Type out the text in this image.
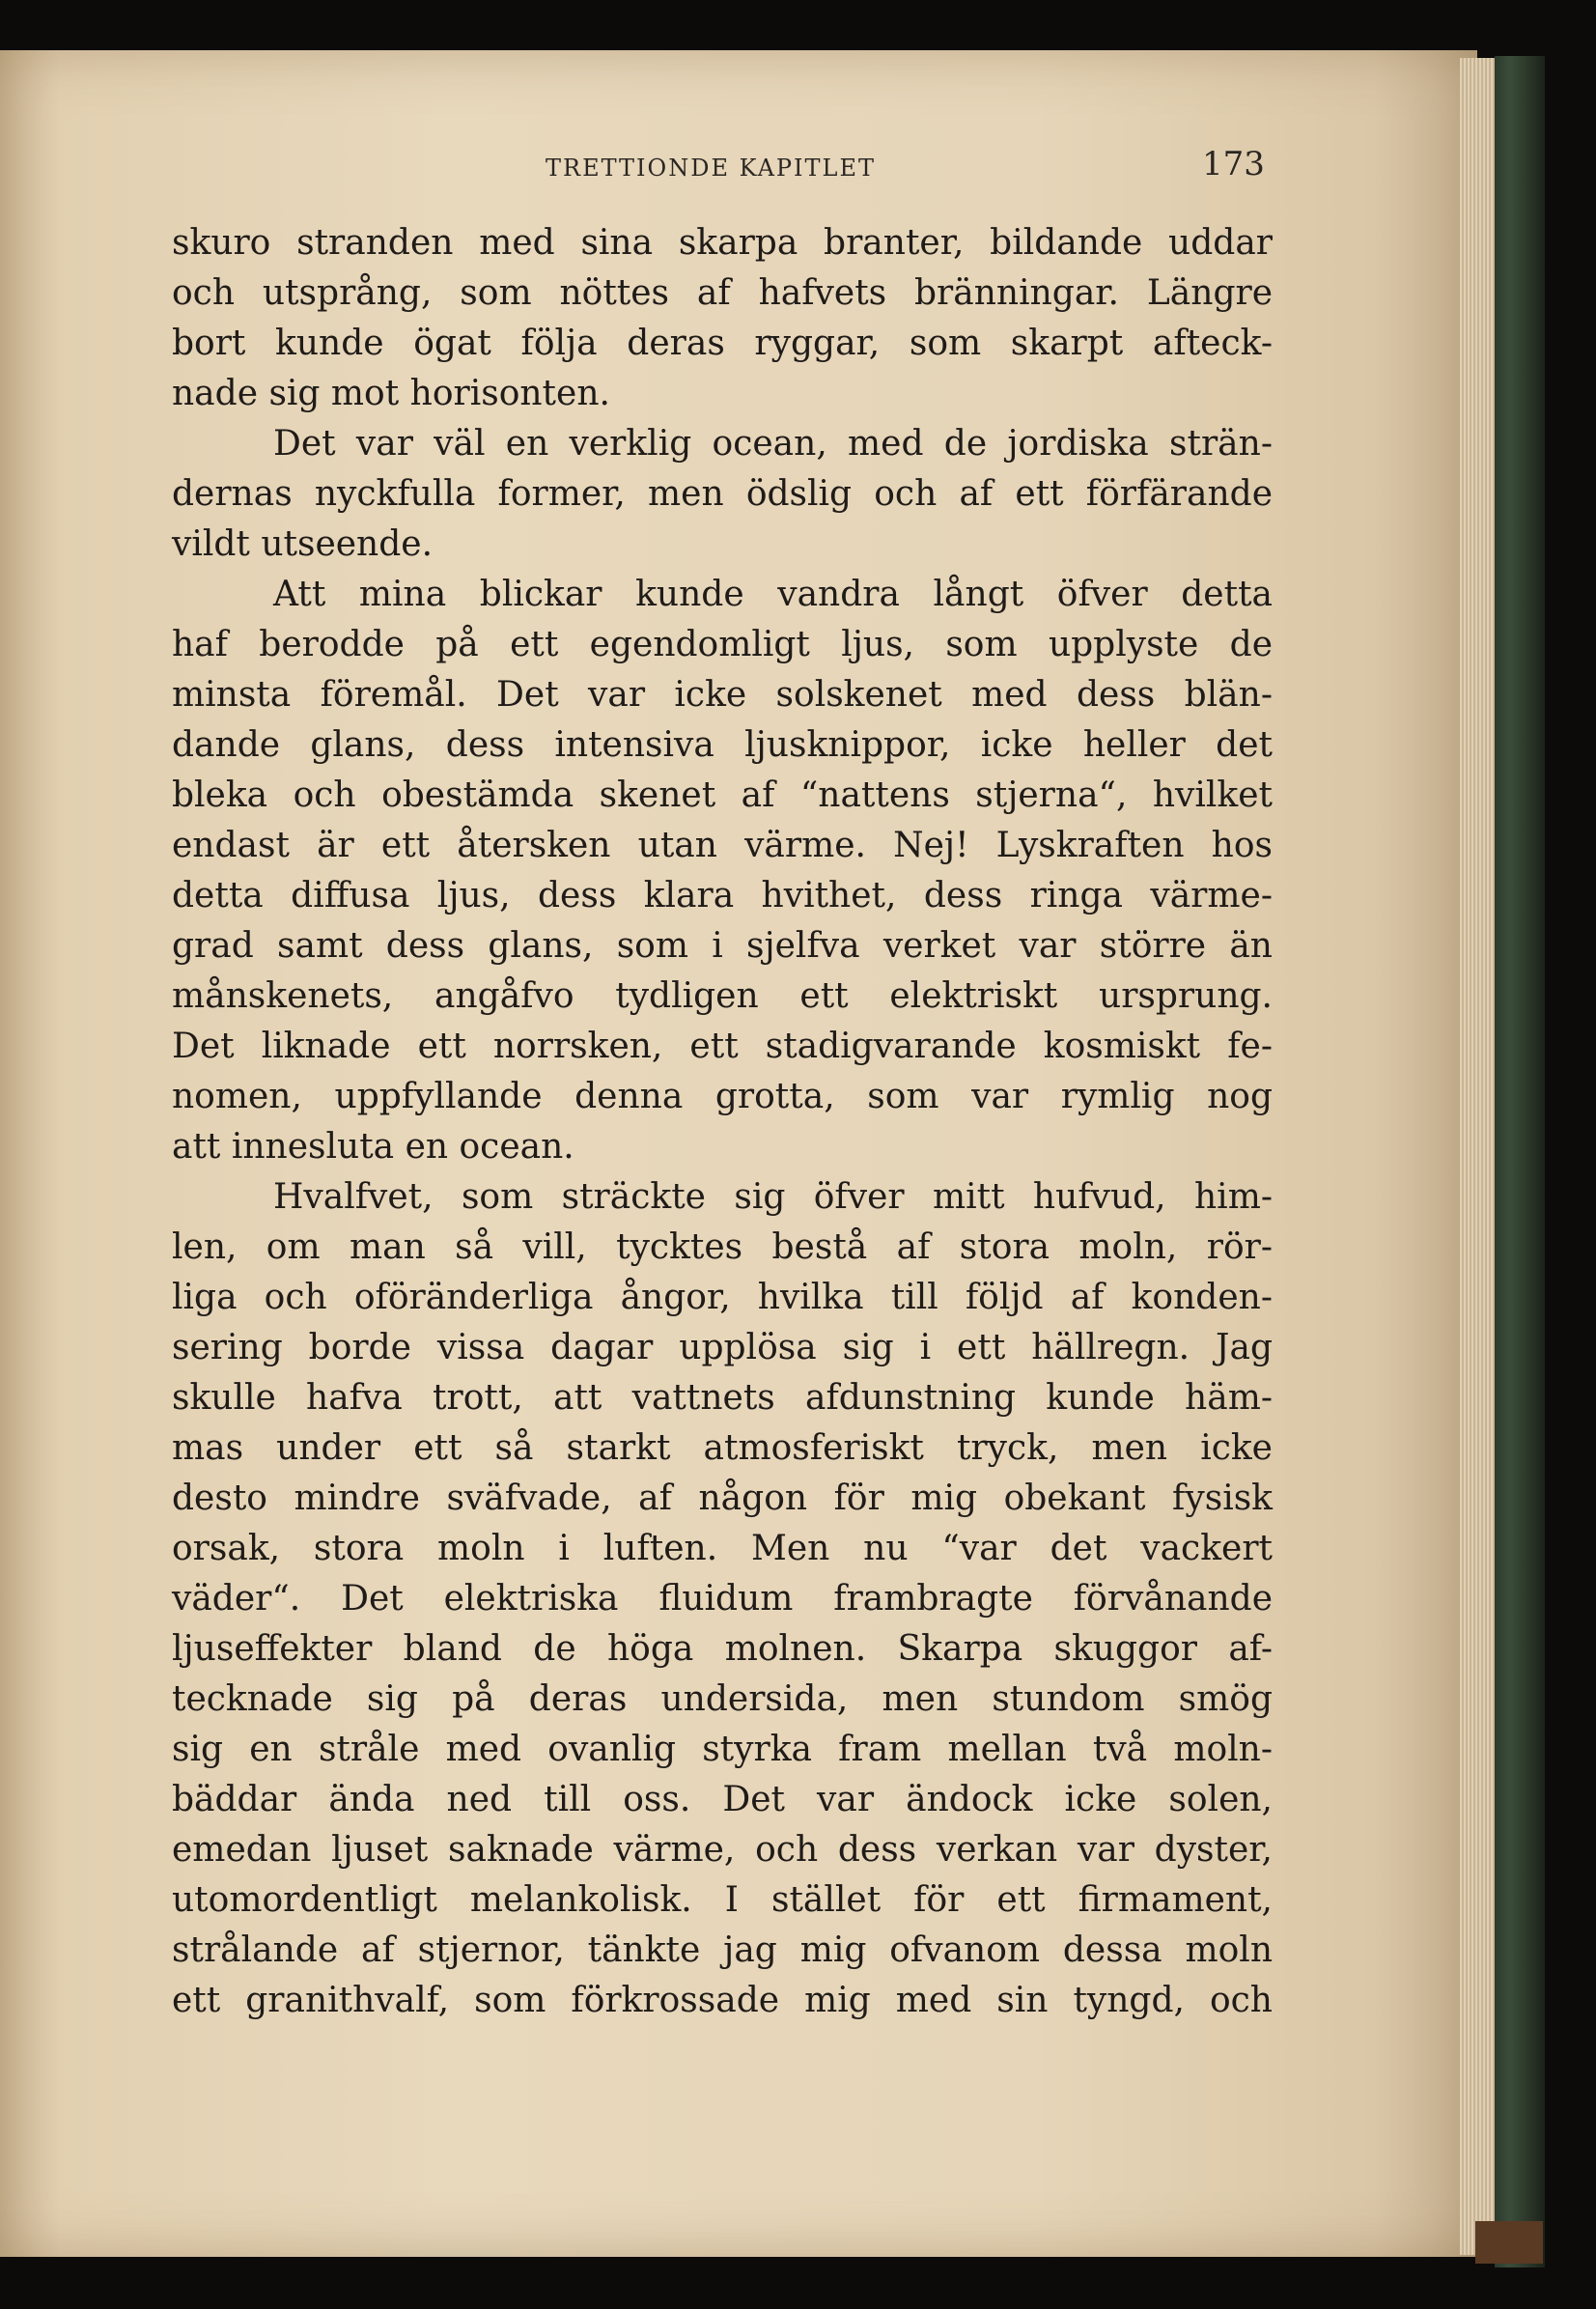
TRETTIONDE KAPITLET	173
skuro stranden med sina skarpa branter, bildande uddar
och utsprång, som nöttes af hafvets bränningar. Längre
bort kunde ögat följa deras ryggar, som skarpt afteck-
nade sig mot horisonten.
Det var väl en verklig ocean, med de jordiska strän-
dernas nyckfulla former, men ödslig och af ett förfärande
vildt utseende.
Att mina blickar kunde vandra långt öfver detta
haf berodde på ett egendomligt ljus, som upplyste de
minsta föremål. Det var icke solskenet med dess blän-
dande glans, dess intensiva ljusknippor, icke heller det
bleka och obestämda skenet af “nattens stjerna“, hvilket
endast är ett återsken utan värme. Nej! Lyskraften hos
detta diffusa ljus, dess klara hvithet, dess ringa värme-
grad samt dess glans, som i sjelfva verket var större än
månskenets, angåfvo tydligen ett elektriskt ursprung.
Det liknade ett norrsken, ett stadigvarande kosmiskt fe-
nomen, uppfyllande denna grotta, som var rymlig nog
att innesluta en ocean.
Hvalfvet, som sträckte sig öfver mitt hufvud, him-
len, om man så vill, tycktes bestå af stora moln, rör-
liga och oföränderliga ångor, hvilka till följd af konden-
sering borde vissa dagar upplösa sig i ett hällregn. Jag
skulle hafva trott, att vattnets afdunstning kunde häm-
mas under ett så starkt atmosferiskt tryck, men icke
desto mindre sväfvade, af någon för mig obekant fysisk
orsak, stora moln i luften. Men nu “var det vackert
väder“. Det elektriska fluidum frambragte förvånande
ljuseffekter bland de höga molnen. Skarpa skuggor af-
tecknade sig på deras undersida, men stundom smög
sig en stråle med ovanlig styrka fram mellan två moln-
bäddar ända ned till oss. Det var ändock icke solen,
emedan ljuset saknade värme, och dess verkan var dyster,
utomordentligt melankolisk. I stället för ett firmament,
strålande af stjernor, tänkte jag mig ofvanom dessa moln
ett granithvalf, som förkrossade mig med sin tyngd, och
